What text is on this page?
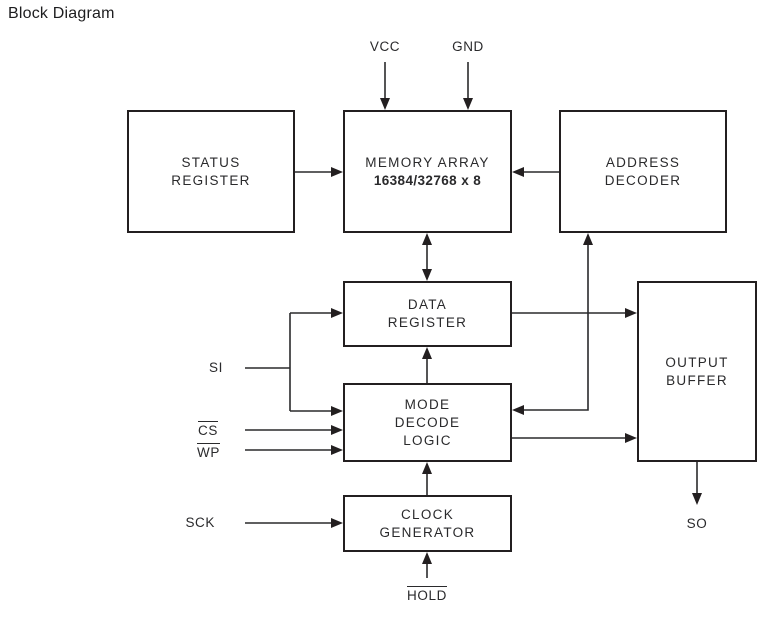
Block Diagram
STATUS
REGISTER
MEMORY ARRAY
16384/32768 x 8
ADDRESS
DECODER
DATA
REGISTER
MODE
DECODE
LOGIC
OUTPUT
BUFFER
CLOCK
GENERATOR
VCC	GND
SI
CS
WP
SCK
HOLD
SO
